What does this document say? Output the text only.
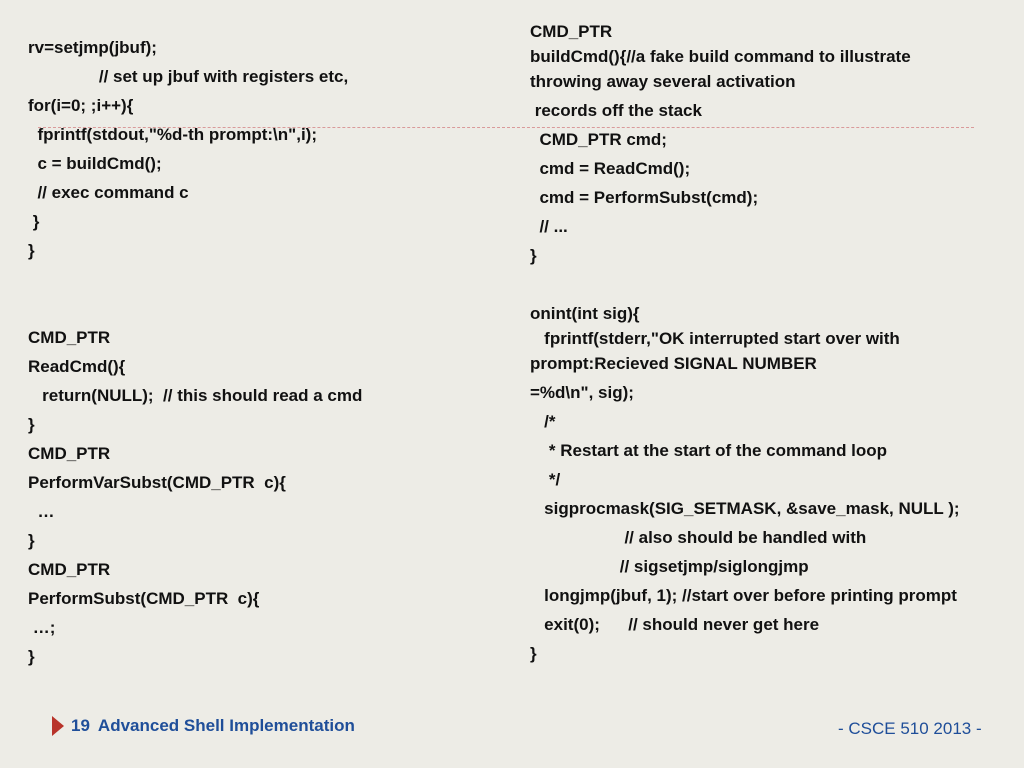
rv=setjmp(jbuf);
// set up jbuf with registers etc,
for(i=0; ;i++){
fprintf(stdout,"%d-th prompt:\n",i);
c = buildCmd();
// exec command c
}
}
CMD_PTR
ReadCmd(){
return(NULL);  // this should read a cmd
}
CMD_PTR
PerformVarSubst(CMD_PTR  c){
…
}
CMD_PTR
PerformSubst(CMD_PTR  c){
…;
}
CMD_PTR
buildCmd(){//a fake build command to illustrate
throwing away several activation
records off the stack
CMD_PTR cmd;
cmd = ReadCmd();
cmd = PerformSubst(cmd);
// ...
}

onint(int sig){
fprintf(stderr,"OK interrupted start over with
prompt:Recieved SIGNAL NUMBER
=%d\n", sig);
/*
* Restart at the start of the command loop
*/
sigprocmask(SIG_SETMASK, &save_mask, NULL );
// also should be handled with
// sigsetjmp/siglongjmp
longjmp(jbuf, 1); //start over before printing prompt
exit(0);      // should never get here
}
19 Advanced Shell Implementation	- CSCE 510 2013 -
